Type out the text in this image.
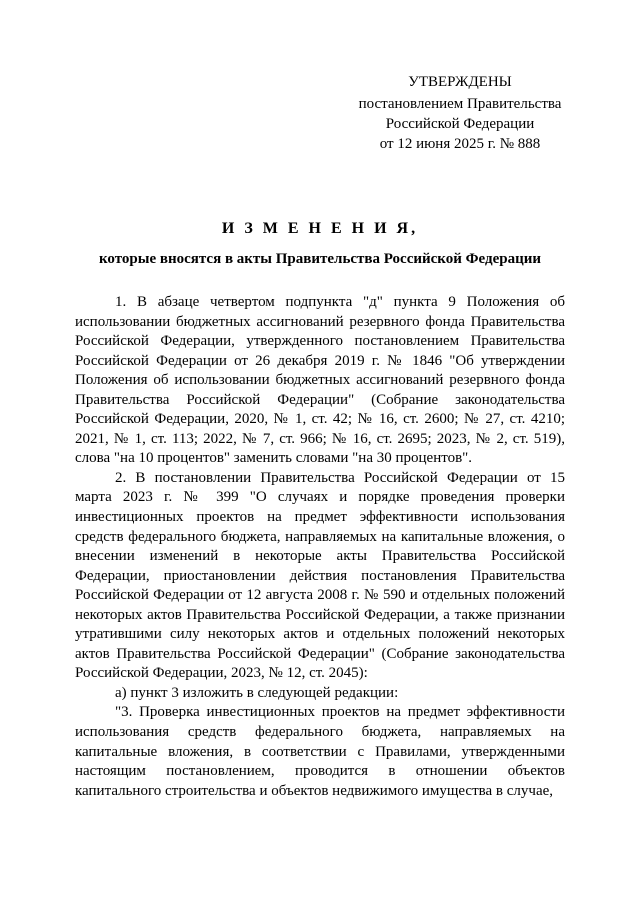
УТВЕРЖДЕНЫ
постановлением Правительства
Российской Федерации
от 12 июня 2025 г. № 888
И З М Е Н Е Н И Я,
которые вносятся в акты Правительства Российской Федерации

1. В абзаце четвертом подпункта "д" пункта 9 Положения об использовании бюджетных ассигнований резервного фонда Правительства Российской Федерации, утвержденного постановлением Правительства Российской Федерации от 26 декабря 2019 г. № 1846 "Об утверждении Положения об использовании бюджетных ассигнований резервного фонда Правительства Российской Федерации" (Собрание законодательства Российской Федерации, 2020, № 1, ст. 42; № 16, ст. 2600; № 27, ст. 4210; 2021, № 1, ст. 113; 2022, № 7, ст. 966; № 16, ст. 2695; 2023, № 2, ст. 519), слова "на 10 процентов" заменить словами "на 30 процентов".

2. В постановлении Правительства Российской Федерации от 15 марта 2023 г. № 399 "О случаях и порядке проведения проверки инвестиционных проектов на предмет эффективности использования средств федерального бюджета, направляемых на капитальные вложения, о внесении изменений в некоторые акты Правительства Российской Федерации, приостановлении действия постановления Правительства Российской Федерации от 12 августа 2008 г. № 590 и отдельных положений некоторых актов Правительства Российской Федерации, а также признании утратившими силу некоторых актов и отдельных положений некоторых актов Правительства Российской Федерации" (Собрание законодательства Российской Федерации, 2023, № 12, ст. 2045):

а) пункт 3 изложить в следующей редакции:

"3. Проверка инвестиционных проектов на предмет эффективности использования средств федерального бюджета, направляемых на капитальные вложения, в соответствии с Правилами, утвержденными настоящим постановлением, проводится в отношении объектов капитального строительства и объектов недвижимого имущества в случае,
